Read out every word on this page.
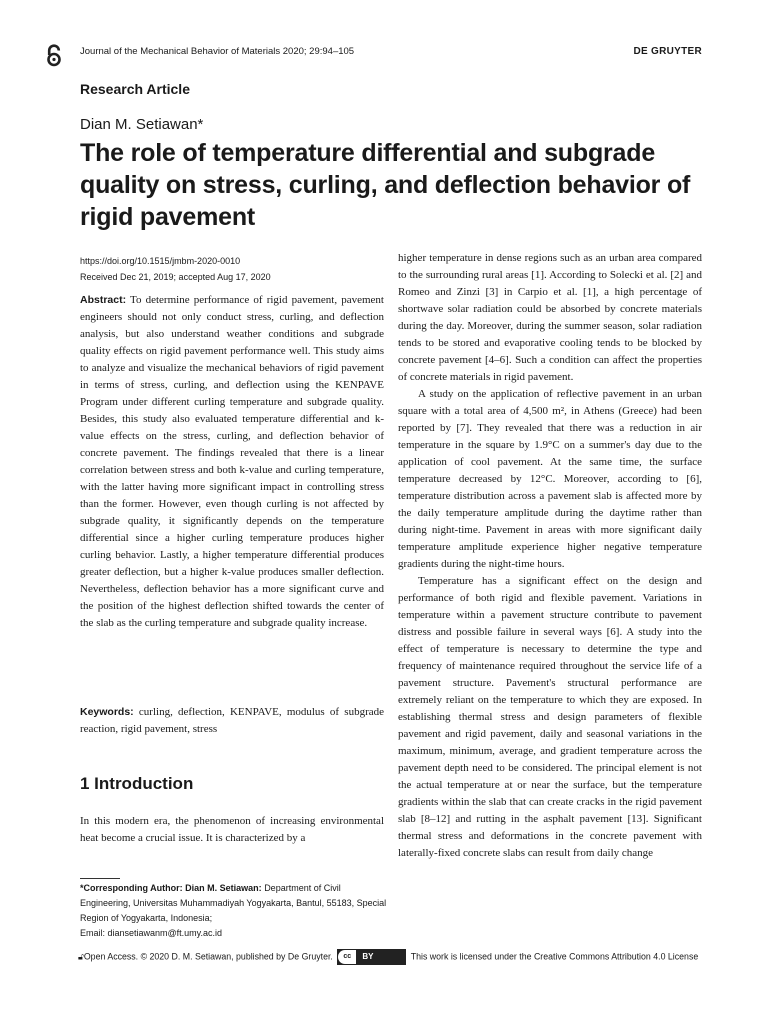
Journal of the Mechanical Behavior of Materials 2020; 29:94–105	DE GRUYTER
Research Article
Dian M. Setiawan*
The role of temperature differential and subgrade quality on stress, curling, and deflection behavior of rigid pavement
https://doi.org/10.1515/jmbm-2020-0010
Received Dec 21, 2019; accepted Aug 17, 2020

Abstract: To determine performance of rigid pavement, pavement engineers should not only conduct stress, curling, and deflection analysis, but also understand weather conditions and subgrade quality effects on rigid pavement performance well. This study aims to analyze and visualize the mechanical behaviors of rigid pavement in terms of stress, curling, and deflection using the KENPAVE Program under different curling temperature and subgrade quality. Besides, this study also evaluated temperature differential and k-value effects on the stress, curling, and deflection behavior of concrete pavement. The findings revealed that there is a linear correlation between stress and both k-value and curling temperature, with the latter having more significant impact in controlling stress than the former. However, even though curling is not affected by subgrade quality, it significantly depends on the temperature differential since a higher curling temperature produces higher curling behavior. Lastly, a higher temperature differential produces greater deflection, but a higher k-value produces smaller deflection. Nevertheless, deflection behavior has a more significant curve and the position of the highest deflection shifted towards the center of the slab as the curling temperature and subgrade quality increase.

Keywords: curling, deflection, KENPAVE, modulus of subgrade reaction, rigid pavement, stress
1 Introduction
In this modern era, the phenomenon of increasing environmental heat become a crucial issue. It is characterized by a
*Corresponding Author: Dian M. Setiawan: Department of Civil Engineering, Universitas Muhammadiyah Yogyakarta, Bantul, 55183, Special Region of Yogyakarta, Indonesia;
Email: diansetiawanm@ft.umy.ac.id

higher temperature in dense regions such as an urban area compared to the surrounding rural areas [1]. According to Solecki et al. [2] and Romeo and Zinzi [3] in Carpio et al. [1], a high percentage of shortwave solar radiation could be absorbed by concrete materials during the day. Moreover, during the summer season, solar radiation tends to be stored and evaporative cooling tends to be blocked by concrete pavement [4–6]. Such a condition can affect the properties of concrete materials in rigid pavement.

A study on the application of reflective pavement in an urban square with a total area of 4,500 m², in Athens (Greece) had been reported by [7]. They revealed that there was a reduction in air temperature in the square by 1.9°C on a summer's day due to the application of cool pavement. At the same time, the surface temperature decreased by 12°C. Moreover, according to [6], temperature distribution across a pavement slab is affected more by the daily temperature amplitude during the daytime rather than during night-time. Pavement in areas with more significant daily temperature amplitude experience higher negative temperature gradients during the night-time hours.

Temperature has a significant effect on the design and performance of both rigid and flexible pavement. Variations in temperature within a pavement structure contribute to pavement distress and possible failure in several ways [6]. A study into the effect of temperature is necessary to determine the type and frequency of maintenance required throughout the service life of a pavement structure. Pavement's structural performance are extremely reliant on the temperature to which they are exposed. In establishing thermal stress and design parameters of flexible pavement and rigid pavement, daily and seasonal variations in the maximum, minimum, average, and gradient temperature across the pavement depth need to be considered. The principal element is not the actual temperature at or near the surface, but the temperature gradients within the slab that can create cracks in the rigid pavement slab [8–12] and rutting in the asphalt pavement [13]. Significant thermal stress and deformations in the concrete pavement with laterally-fixed concrete slabs can result from daily change

🔓︎Open Access. © 2020 D. M. Setiawan, published by De Gruyter.	cc	BY	This work is licensed under the Creative Commons Attribution 4.0 License
